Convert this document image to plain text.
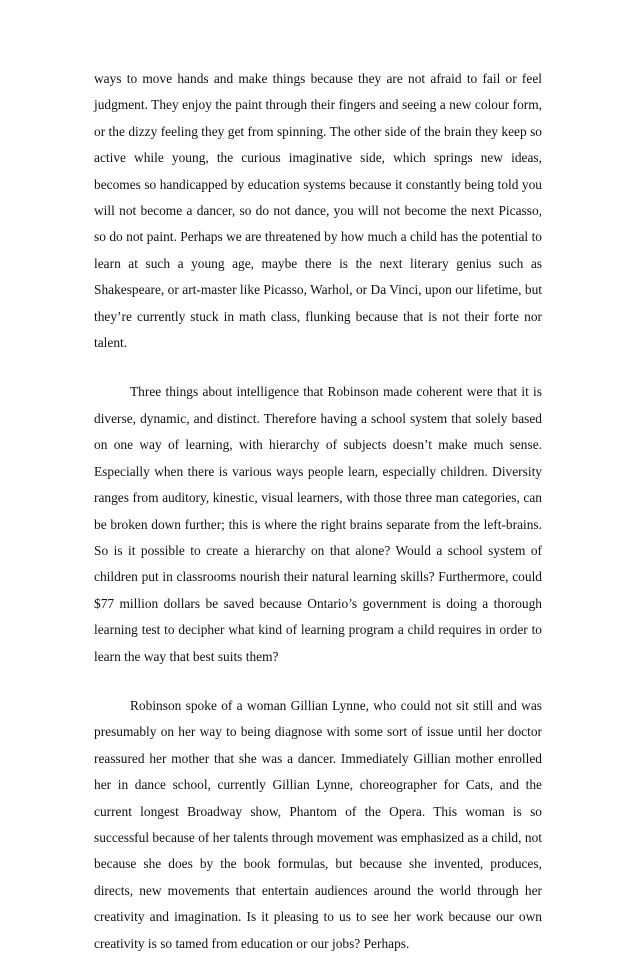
ways to move hands and make things because they are not afraid to fail or feel judgment. They enjoy the paint through their fingers and seeing a new colour form, or the dizzy feeling they get from spinning. The other side of the brain they keep so active while young, the curious imaginative side, which springs new ideas, becomes so handicapped by education systems because it constantly being told you will not become a dancer, so do not dance, you will not become the next Picasso, so do not paint. Perhaps we are threatened by how much a child has the potential to learn at such a young age, maybe there is the next literary genius such as Shakespeare, or art-master like Picasso, Warhol, or Da Vinci, upon our lifetime, but they’re currently stuck in math class, flunking because that is not their forte nor talent.

Three things about intelligence that Robinson made coherent were that it is diverse, dynamic, and distinct. Therefore having a school system that solely based on one way of learning, with hierarchy of subjects doesn’t make much sense. Especially when there is various ways people learn, especially children. Diversity ranges from auditory, kinestic, visual learners, with those three man categories, can be broken down further; this is where the right brains separate from the left-brains. So is it possible to create a hierarchy on that alone? Would a school system of children put in classrooms nourish their natural learning skills? Furthermore, could $77 million dollars be saved because Ontario’s government is doing a thorough learning test to decipher what kind of learning program a child requires in order to learn the way that best suits them?

Robinson spoke of a woman Gillian Lynne, who could not sit still and was presumably on her way to being diagnose with some sort of issue until her doctor reassured her mother that she was a dancer. Immediately Gillian mother enrolled her in dance school, currently Gillian Lynne, choreographer for Cats, and the current longest Broadway show, Phantom of the Opera. This woman is so successful because of her talents through movement was emphasized as a child, not because she does by the book formulas, but because she invented, produces, directs, new movements that entertain audiences around the world through her creativity and imagination. Is it pleasing to us to see her work because our own creativity is so tamed from education or our jobs? Perhaps.
